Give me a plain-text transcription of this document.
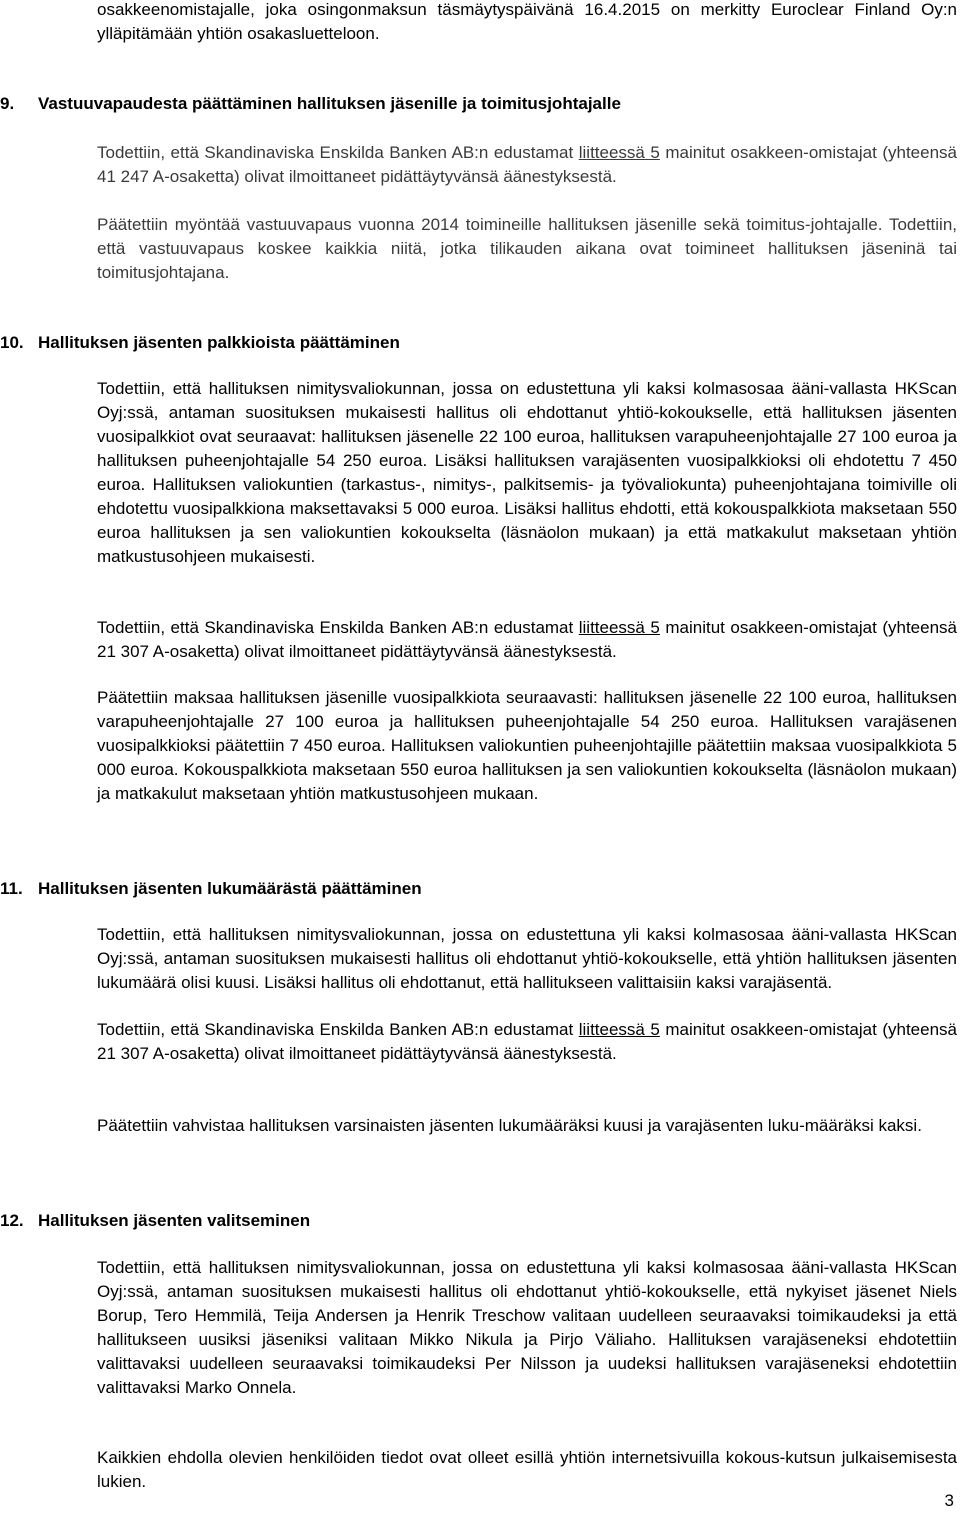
osakkeenomistajalle, joka osingonmaksun täsmäytyspäivänä 16.4.2015 on merkitty Euroclear Finland Oy:n ylläpitämään yhtiön osakasluetteloon.

9. Vastuuvapaudesta päättäminen hallituksen jäsenille ja toimitusjohtajalle

Todettiin, että Skandinaviska Enskilda Banken AB:n edustamat liitteessä 5 mainitut osakkeen-omistajat (yhteensä 41 247 A-osaketta) olivat ilmoittaneet pidättäytyvänsä äänestyksestä.

Päätettiin myöntää vastuuvapaus vuonna 2014 toimineille hallituksen jäsenille sekä toimitus-johtajalle. Todettiin, että vastuuvapaus koskee kaikkia niitä, jotka tilikauden aikana ovat toimineet hallituksen jäseninä tai toimitusjohtajana.

10. Hallituksen jäsenten palkkioista päättäminen

Todettiin, että hallituksen nimitysvaliokunnan, jossa on edustettuna yli kaksi kolmasosaa ääni-vallasta HKScan Oyj:ssä, antaman suosituksen mukaisesti hallitus oli ehdottanut yhtiö-kokoukselle, että hallituksen jäsenten vuosipalkkiot ovat seuraavat: hallituksen jäsenelle 22 100 euroa, hallituksen varapuheenjohtajalle 27 100 euroa ja hallituksen puheenjohtajalle 54 250 euroa. Lisäksi hallituksen varajäsenten vuosipalkkioksi oli ehdotettu 7 450 euroa. Hallituksen valiokuntien (tarkastus-, nimitys-, palkitsemis- ja työvaliokunta) puheenjohtajana toimiville oli ehdotettu vuosipalkkiona maksettavaksi 5 000 euroa. Lisäksi hallitus ehdotti, että kokouspalkkiota maksetaan 550 euroa hallituksen ja sen valiokuntien kokoukselta (läsnäolon mukaan) ja että matkakulut maksetaan yhtiön matkustusohjeen mukaisesti.

Todettiin, että Skandinaviska Enskilda Banken AB:n edustamat liitteessä 5 mainitut osakkeen-omistajat (yhteensä 21 307 A-osaketta) olivat ilmoittaneet pidättäytyvänsä äänestyksestä.

Päätettiin maksaa hallituksen jäsenille vuosipalkkiota seuraavasti: hallituksen jäsenelle 22 100 euroa, hallituksen varapuheenjohtajalle 27 100 euroa ja hallituksen puheenjohtajalle 54 250 euroa. Hallituksen varajäsenen vuosipalkkioksi päätettiin 7 450 euroa. Hallituksen valiokuntien puheenjohtajille päätettiin maksaa vuosipalkkiota 5 000 euroa. Kokouspalkkiota maksetaan 550 euroa hallituksen ja sen valiokuntien kokoukselta (läsnäolon mukaan) ja matkakulut maksetaan yhtiön matkustusohjeen mukaan.

11. Hallituksen jäsenten lukumäärästä päättäminen

Todettiin, että hallituksen nimitysvaliokunnan, jossa on edustettuna yli kaksi kolmasosaa ääni-vallasta HKScan Oyj:ssä, antaman suosituksen mukaisesti hallitus oli ehdottanut yhtiö-kokoukselle, että yhtiön hallituksen jäsenten lukumäärä olisi kuusi. Lisäksi hallitus oli ehdottanut, että hallitukseen valittaisiin kaksi varajäsentä.

Todettiin, että Skandinaviska Enskilda Banken AB:n edustamat liitteessä 5 mainitut osakkeen-omistajat (yhteensä 21 307 A-osaketta) olivat ilmoittaneet pidättäytyvänsä äänestyksestä.

Päätettiin vahvistaa hallituksen varsinaisten jäsenten lukumääräksi kuusi ja varajäsenten luku-määräksi kaksi.

12. Hallituksen jäsenten valitseminen

Todettiin, että hallituksen nimitysvaliokunnan, jossa on edustettuna yli kaksi kolmasosaa ääni-vallasta HKScan Oyj:ssä, antaman suosituksen mukaisesti hallitus oli ehdottanut yhtiö-kokoukselle, että nykyiset jäsenet Niels Borup, Tero Hemmilä, Teija Andersen ja Henrik Treschow valitaan uudelleen seuraavaksi toimikaudeksi ja että hallitukseen uusiksi jäseniksi valitaan Mikko Nikula ja Pirjo Väliaho. Hallituksen varajäseneksi ehdotettiin valittavaksi uudelleen seuraavaksi toimikaudeksi Per Nilsson ja uudeksi hallituksen varajäseneksi ehdotettiin valittavaksi Marko Onnela.

Kaikkien ehdolla olevien henkilöiden tiedot ovat olleet esillä yhtiön internetsivuilla kokous-kutsun julkaisemisesta lukien.

3
